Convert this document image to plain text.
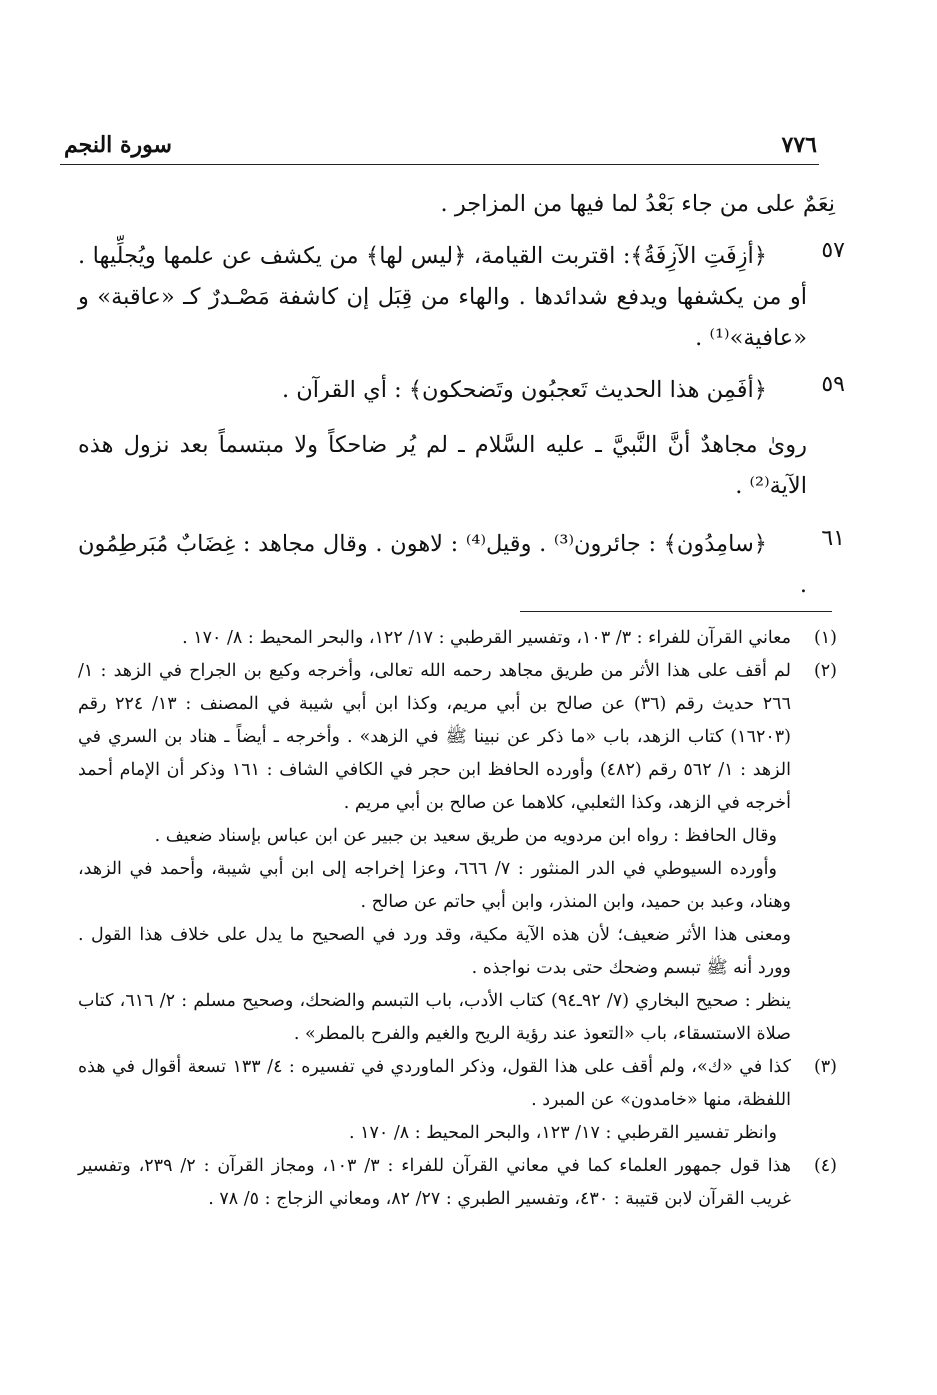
٧٧٦
سورة النجم
نِعَمٌ على من جاء بَعْدُ لما فيها من المزاجر .
٥٧
﴿أزِفَتِ الآزِفَةُ﴾: اقتربت القيامة، ﴿ليس لها﴾ من يكشف عن علمها ويُجلِّيها . أو من يكشفها ويدفع شدائدها . والهاء من قِبَل إن كاشفة مَصْـدرٌ كـ «عاقبة» و «عافية»⁽¹⁾ .
٥٩
﴿أفَمِن هذا الحديث تَعجبُون وتَضحكون﴾ : أي القرآن .
روىٰ مجاهدٌ أنَّ النَّبيَّ ـ عليه السَّلام ـ لم يُر ضاحكاً ولا مبتسماً بعد نزول هذه الآية⁽²⁾ .
٦١
﴿سامِدُون﴾ : جائرون⁽³⁾ . وقيل⁽⁴⁾ : لاهون . وقال مجاهد : غِضَابٌ مُبَرطِمُون .
(١)
معاني القرآن للفراء : ٣/ ١٠٣، وتفسير القرطبي : ١٧/ ١٢٢، والبحر المحيط : ٨/ ١٧٠ .
(٢)
لم أقف على هذا الأثر من طريق مجاهد رحمه الله تعالى، وأخرجه وكيع بن الجراح في الزهد : ١/ ٢٦٦ حديث رقم (٣٦) عن صالح بن أبي مريم، وكذا ابن أبي شيبة في المصنف : ١٣/ ٢٢٤ رقم (١٦٢٠٣) كتاب الزهد، باب «ما ذكر عن نبينا ﷺ في الزهد» . وأخرجه ـ أيضاً ـ هناد بن السري في الزهد : ١/ ٥٦٢ رقم (٤٨٢) وأورده الحافظ ابن حجر في الكافي الشاف : ١٦١ وذكر أن الإمام أحمد أخرجه في الزهد، وكذا الثعلبي، كلاهما عن صالح بن أبي مريم .
وقال الحافظ : رواه ابن مردويه من طريق سعيد بن جبير عن ابن عباس بإسناد ضعيف .
وأورده السيوطي في الدر المنثور : ٧/ ٦٦٦، وعزا إخراجه إلى ابن أبي شيبة، وأحمد في الزهد، وهناد، وعبد بن حميد، وابن المنذر، وابن أبي حاتم عن صالح .
ومعنى هذا الأثر ضعيف؛ لأن هذه الآية مكية، وقد ورد في الصحيح ما يدل على خلاف هذا القول . وورد أنه ﷺ تبسم وضحك حتى بدت نواجذه .
ينظر : صحيح البخاري (٧/ ٩٢ـ٩٤) كتاب الأدب، باب التبسم والضحك، وصحيح مسلم : ٢/ ٦١٦، كتاب صلاة الاستسقاء، باب «التعوذ عند رؤية الريح والغيم والفرح بالمطر» .
(٣)
كذا في «ك»، ولم أقف على هذا القول، وذكر الماوردي في تفسيره : ٤/ ١٣٣ تسعة أقوال في هذه اللفظة، منها «خامدون» عن المبرد .
وانظر تفسير القرطبي : ١٧/ ١٢٣، والبحر المحيط : ٨/ ١٧٠ .
(٤)
هذا قول جمهور العلماء كما في معاني القرآن للفراء : ٣/ ١٠٣، ومجاز القرآن : ٢/ ٢٣٩، وتفسير غريب القرآن لابن قتيبة : ٤٣٠، وتفسير الطبري : ٢٧/ ٨٢، ومعاني الزجاج : ٥/ ٧٨ .
